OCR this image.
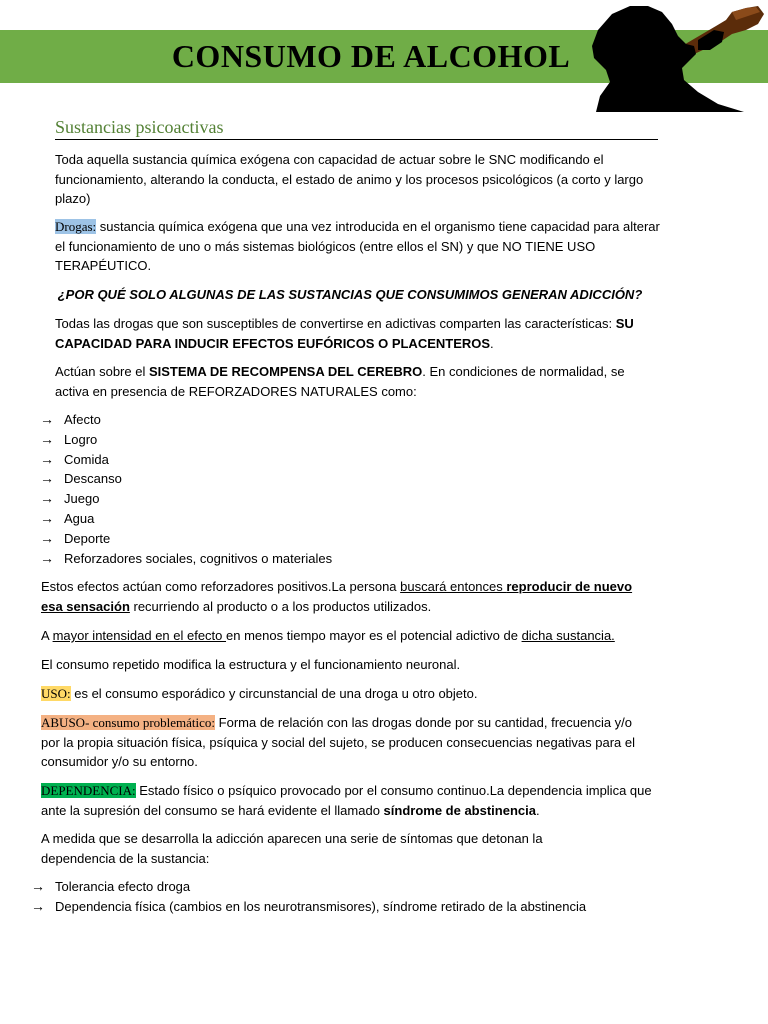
CONSUMO DE ALCOHOL
Sustancias psicoactivas

Toda aquella sustancia química exógena con capacidad de actuar sobre le SNC modificando el funcionamiento, alterando la conducta, el estado de animo y los procesos psicológicos (a corto y largo plazo)

Drogas: sustancia química exógena que una vez introducida en el organismo tiene capacidad para alterar el funcionamiento de uno o más sistemas biológicos (entre ellos el SN) y que NO TIENE USO TERAPÉUTICO.

¿POR QUÉ SOLO ALGUNAS DE LAS SUSTANCIAS QUE CONSUMIMOS GENERAN ADICCIÓN?

Todas las drogas que son susceptibles de convertirse en adictivas comparten las características: SU CAPACIDAD PARA INDUCIR EFECTOS EUFÓRICOS O PLACENTEROS.

Actúan sobre el SISTEMA DE RECOMPENSA DEL CEREBRO. En condiciones de normalidad, se activa en presencia de REFORZADORES NATURALES como:

→ Afecto
→ Logro
→ Comida
→ Descanso
→ Juego
→ Agua
→ Deporte
→ Reforzadores sociales, cognitivos o materiales

Estos efectos actúan como reforzadores positivos.La persona buscará entonces reproducir de nuevo esa sensación recurriendo al producto o a los productos utilizados.

A mayor intensidad en el efecto en menos tiempo mayor es el potencial adictivo de dicha sustancia.

El consumo repetido modifica la estructura y el funcionamiento neuronal.

USO: es el consumo esporádico y circunstancial de una droga u otro objeto.

ABUSO- consumo problemático: Forma de relación con las drogas donde por su cantidad, frecuencia y/o por la propia situación física, psíquica y social del sujeto, se producen consecuencias negativas para el consumidor y/o su entorno.

DEPENDENCIA: Estado físico o psíquico provocado por el consumo continuo.La dependencia implica que ante la supresión del consumo se hará evidente el llamado síndrome de abstinencia.

A medida que se desarrolla la adicción aparecen una serie de síntomas que detonan la dependencia de la sustancia:

→ Tolerancia efecto droga
→ Dependencia física (cambios en los neurotransmisores), síndrome retirado de la abstinencia
